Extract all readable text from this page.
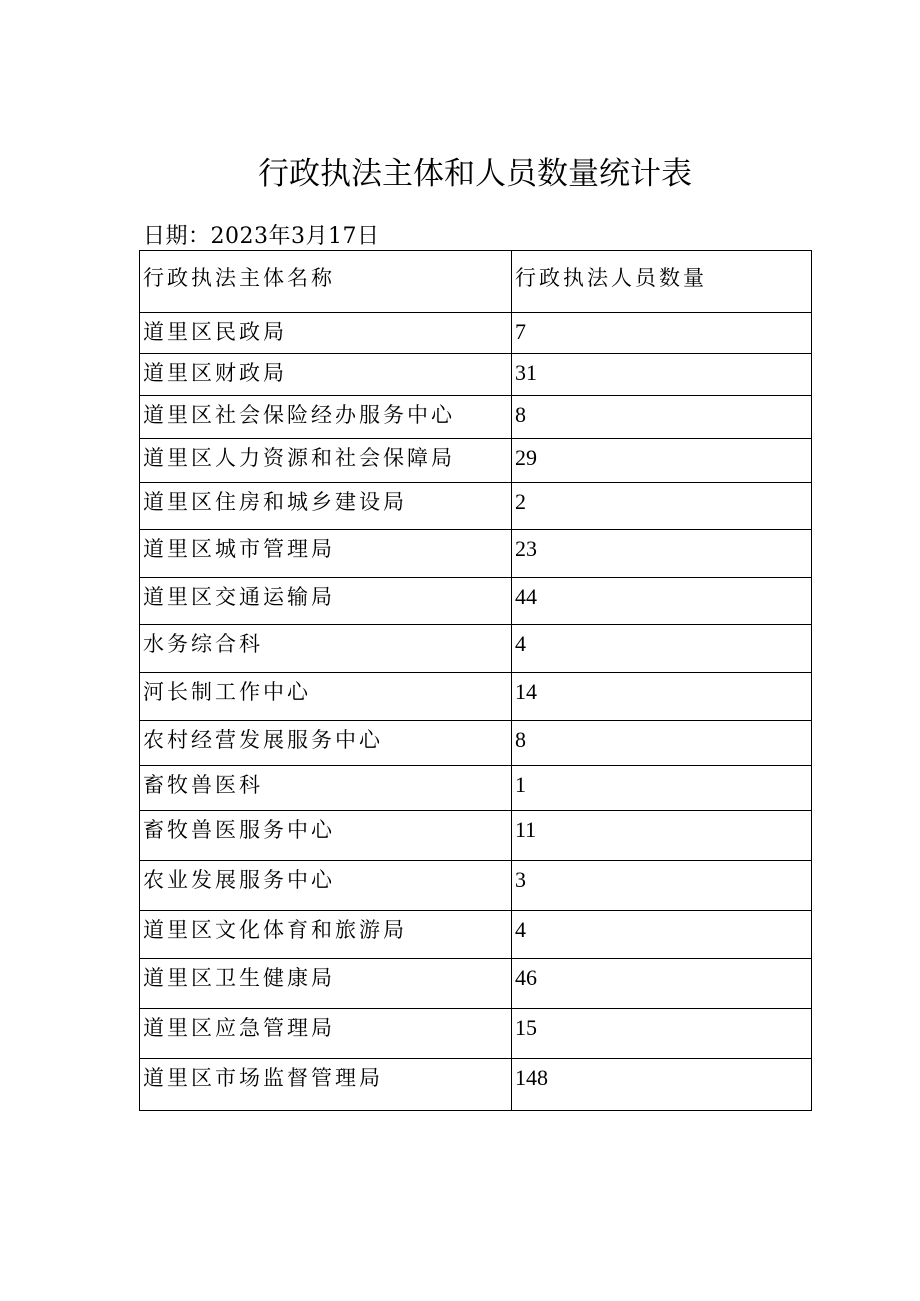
行政执法主体和人员数量统计表
日期：2023年3月17日
行政执法主体名称	行政执法人员数量
道里区民政局	7
道里区财政局	31
道里区社会保险经办服务中心	8
道里区人力资源和社会保障局	29
道里区住房和城乡建设局	2
道里区城市管理局	23
道里区交通运输局	44
水务综合科	4
河长制工作中心	14
农村经营发展服务中心	8
畜牧兽医科	1
畜牧兽医服务中心	11
农业发展服务中心	3
道里区文化体育和旅游局	4
道里区卫生健康局	46
道里区应急管理局	15
道里区市场监督管理局	148
